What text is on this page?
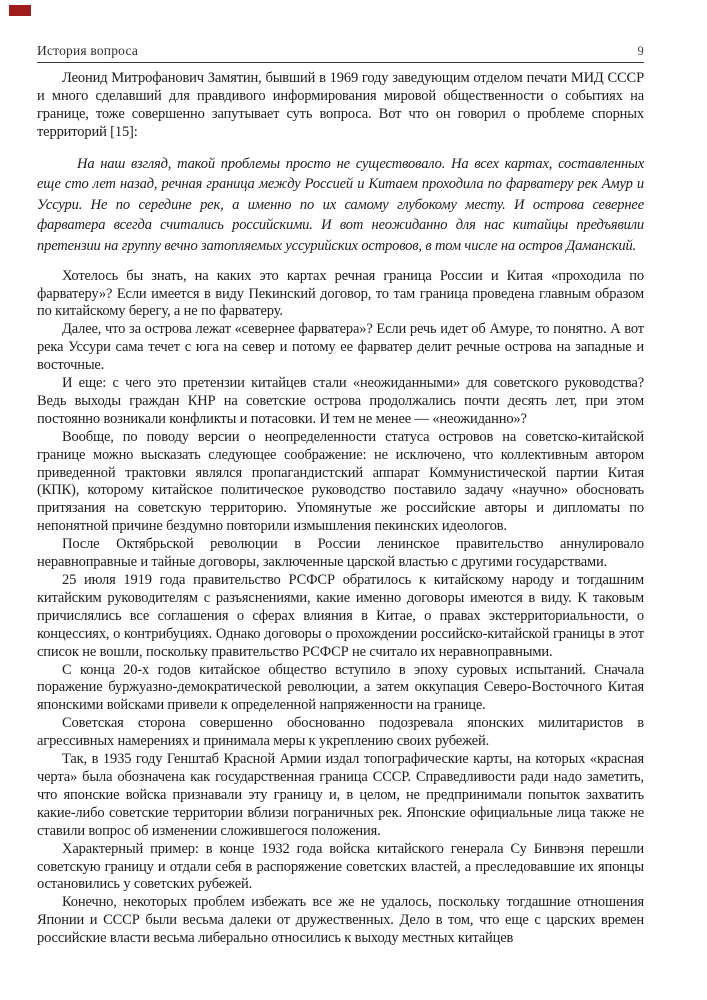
История вопроса	9

Леонид Митрофанович Замятин, бывший в 1969 году заведующим отделом печати МИД СССР и много сделавший для правдивого информирования мировой общественности о событиях на границе, тоже совершенно запутывает суть вопроса. Вот что он говорил о проблеме спорных территорий [15]:

На наш взгляд, такой проблемы просто не существовало. На всех картах, составленных еще сто лет назад, речная граница между Россией и Китаем проходила по фарватеру рек Амур и Уссури. Не по середине рек, а именно по их самому глубокому месту. И острова севернее фарватера всегда считались российскими. И вот неожиданно для нас китайцы предъявили претензии на группу вечно затопляемых уссурийских островов, в том числе на остров Даманский.

Хотелось бы знать, на каких это картах речная граница России и Китая «проходила по фарватеру»? Если имеется в виду Пекинский договор, то там граница проведена главным образом по китайскому берегу, а не по фарватеру.

Далее, что за острова лежат «севернее фарватера»? Если речь идет об Амуре, то понятно. А вот река Уссури сама течет с юга на север и потому ее фарватер делит речные острова на западные и восточные.

И еще: с чего это претензии китайцев стали «неожиданными» для советского руководства? Ведь выходы граждан КНР на советские острова продолжались почти десять лет, при этом постоянно возникали конфликты и потасовки. И тем не менее — «неожиданно»?

Вообще, по поводу версии о неопределенности статуса островов на советско-китайской границе можно высказать следующее соображение: не исключено, что коллективным автором приведенной трактовки являлся пропагандистский аппарат Коммунистической партии Китая (КПК), которому китайское политическое руководство поставило задачу «научно» обосновать притязания на советскую территорию. Упомянутые же российские авторы и дипломаты по непонятной причине бездумно повторили измышления пекинских идеологов.

После Октябрьской революции в России ленинское правительство аннулировало неравноправные и тайные договоры, заключенные царской властью с другими государствами.

25 июля 1919 года правительство РСФСР обратилось к китайскому народу и тогдашним китайским руководителям с разъяснениями, какие именно договоры имеются в виду. К таковым причислялись все соглашения о сферах влияния в Китае, о правах экстерриториальности, о концессиях, о контрибуциях. Однако договоры о прохождении российско-китайской границы в этот список не вошли, поскольку правительство РСФСР не считало их неравноправными.

С конца 20-х годов китайское общество вступило в эпоху суровых испытаний. Сначала поражение буржуазно-демократической революции, а затем оккупация Северо-Восточного Китая японскими войсками привели к определенной напряженности на границе.

Советская сторона совершенно обоснованно подозревала японских милитаристов в агрессивных намерениях и принимала меры к укреплению своих рубежей.

Так, в 1935 году Генштаб Красной Армии издал топографические карты, на которых «красная черта» была обозначена как государственная граница СССР. Справедливости ради надо заметить, что японские войска признавали эту границу и, в целом, не предпринимали попыток захватить какие-либо советские территории вблизи пограничных рек. Японские официальные лица также не ставили вопрос об изменении сложившегося положения.

Характерный пример: в конце 1932 года войска китайского генерала Су Бинвэня перешли советскую границу и отдали себя в распоряжение советских властей, а преследовавшие их японцы остановились у советских рубежей.

Конечно, некоторых проблем избежать все же не удалось, поскольку тогдашние отношения Японии и СССР были весьма далеки от дружественных. Дело в том, что еще с царских времен российские власти весьма либерально относились к выходу местных китайцев
